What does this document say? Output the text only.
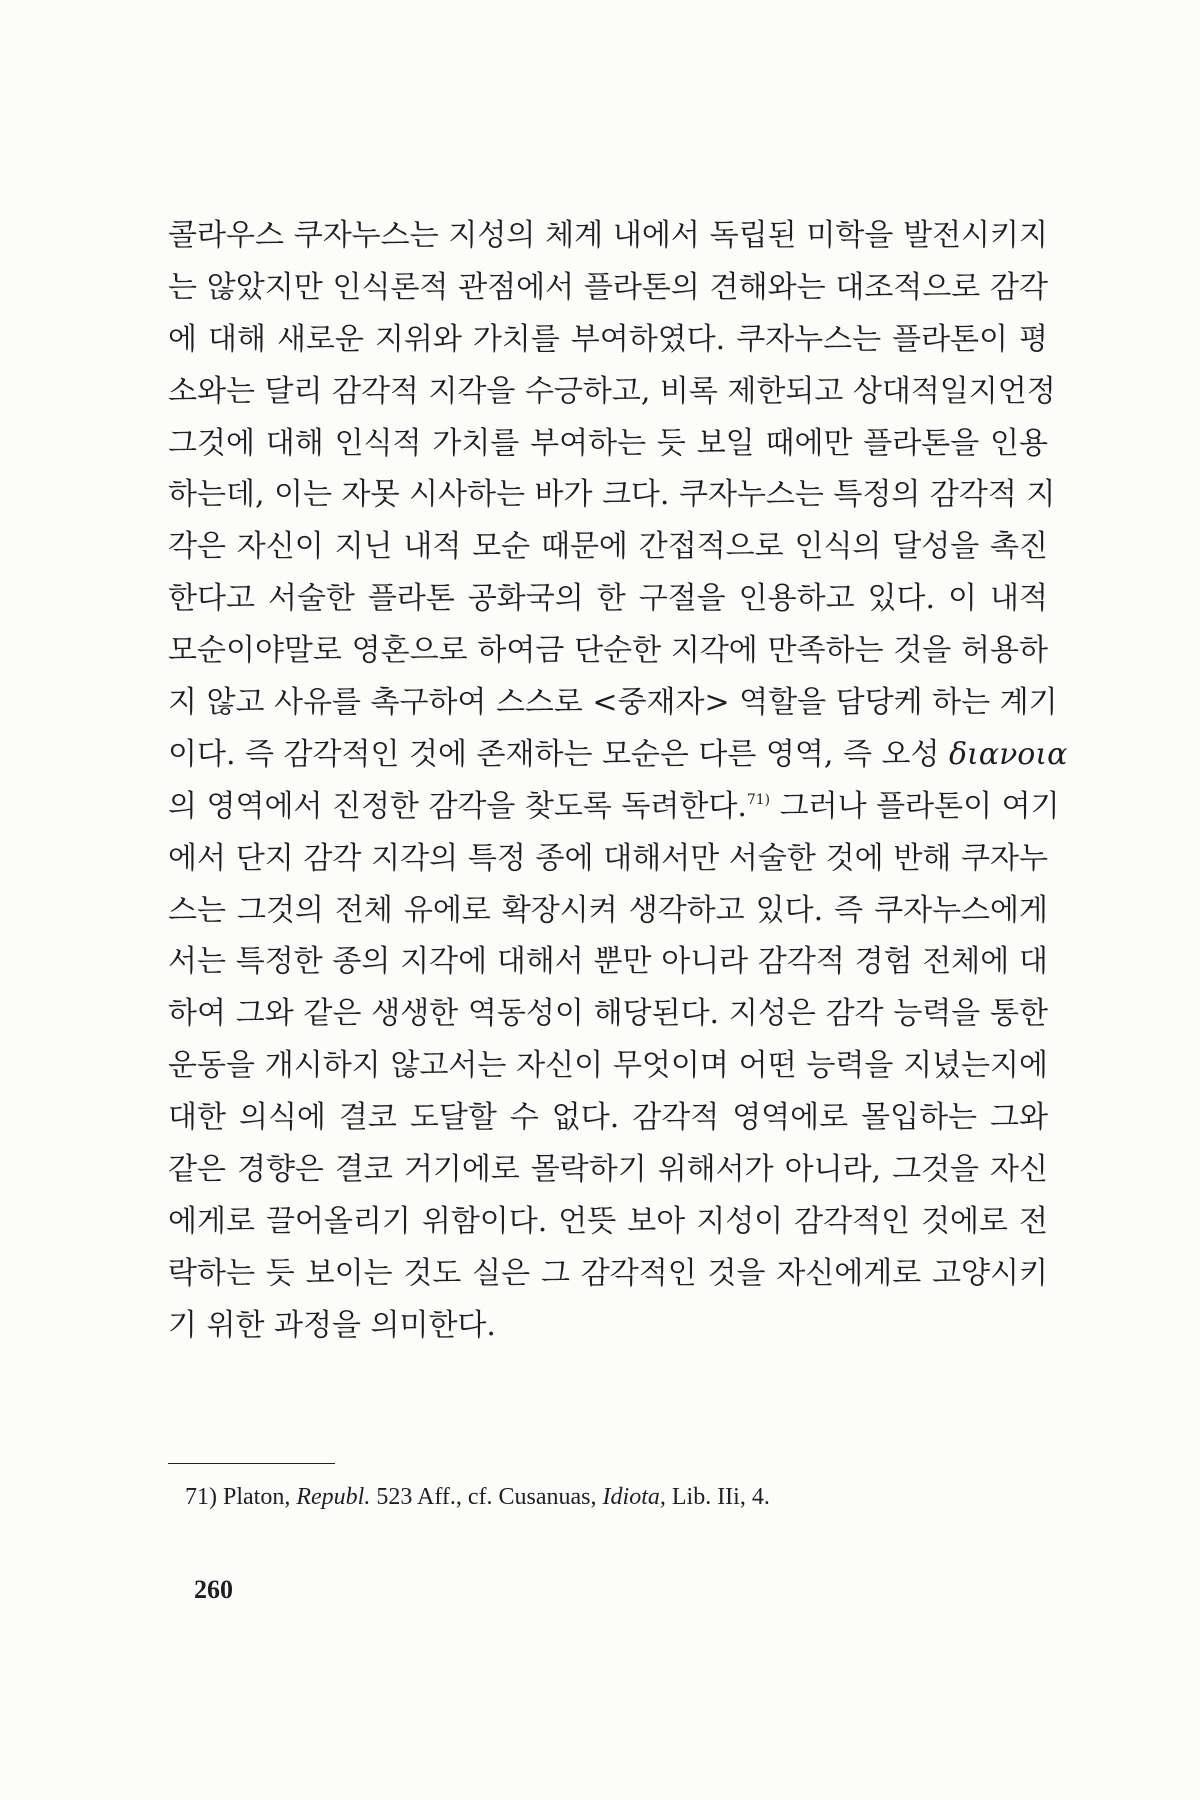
콜라우스 쿠자누스는 지성의 체계 내에서 독립된 미학을 발전시키지
는 않았지만 인식론적 관점에서 플라톤의 견해와는 대조적으로 감각
에 대해 새로운 지위와 가치를 부여하였다. 쿠자누스는 플라톤이 평
소와는 달리 감각적 지각을 수긍하고, 비록 제한되고 상대적일지언정
그것에 대해 인식적 가치를 부여하는 듯 보일 때에만 플라톤을 인용
하는데, 이는 자못 시사하는 바가 크다. 쿠자누스는 특정의 감각적 지
각은 자신이 지닌 내적 모순 때문에 간접적으로 인식의 달성을 촉진
한다고 서술한 플라톤 공화국의 한 구절을 인용하고 있다. 이 내적
모순이야말로 영혼으로 하여금 단순한 지각에 만족하는 것을 허용하
지 않고 사유를 촉구하여 스스로 <중재자> 역할을 담당케 하는 계기
이다. 즉 감각적인 것에 존재하는 모순은 다른 영역, 즉 오성 διανοια
의 영역에서 진정한 감각을 찾도록 독려한다.$^{71)}$ 그러나 플라톤이 여기
에서 단지 감각 지각의 특정 종에 대해서만 서술한 것에 반해 쿠자누
스는 그것의 전체 유에로 확장시켜 생각하고 있다. 즉 쿠자누스에게
서는 특정한 종의 지각에 대해서 뿐만 아니라 감각적 경험 전체에 대
하여 그와 같은 생생한 역동성이 해당된다. 지성은 감각 능력을 통한
운동을 개시하지 않고서는 자신이 무엇이며 어떤 능력을 지녔는지에
대한 의식에 결코 도달할 수 없다. 감각적 영역에로 몰입하는 그와
같은 경향은 결코 거기에로 몰락하기 위해서가 아니라, 그것을 자신
에게로 끌어올리기 위함이다. 언뜻 보아 지성이 감각적인 것에로 전
락하는 듯 보이는 것도 실은 그 감각적인 것을 자신에게로 고양시키
기 위한 과정을 의미한다.
71) Platon, Republ. 523 Aff., cf. Cusanuas, Idiota, Lib. IIi, 4.
260
